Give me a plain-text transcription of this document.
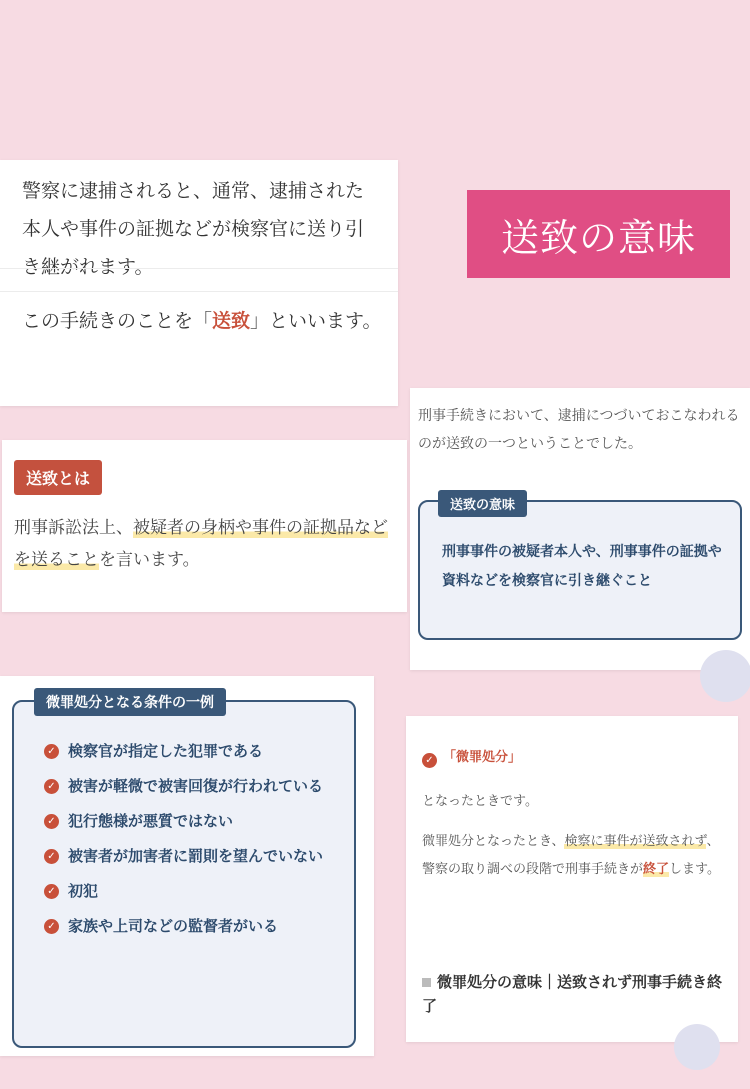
警察に逮捕されると、通常、逮捕された本人や事件の証拠などが検察官に送り引き継がれます。
この手続きのことを「送致」といいます。
送致の意味
送致とは
刑事訴訟法上、被疑者の身柄や事件の証拠品などを送ることを言います。
刑事手続きにおいて、逮捕につづいておこなわれるのが送致の一つということでした。
送致の意味
刑事事件の被疑者本人や、刑事事件の証拠や資料などを検察官に引き継ぐこと
微罪処分となる条件の一例
✓ 検察官が指定した犯罪である
✓ 被害が軽微で被害回復が行われている
✓ 犯行態様が悪質ではない
✓ 被害者が加害者に罰則を望んでいない
✓ 初犯
✓ 家族や上司などの監督者がいる
✓ 「微罪処分」
となったときです。
微罪処分となったとき、検察に事件が送致されず、警察の取り調べの段階で刑事手続きが終了します。
微罪処分の意味｜送致されず刑事手続き終了
